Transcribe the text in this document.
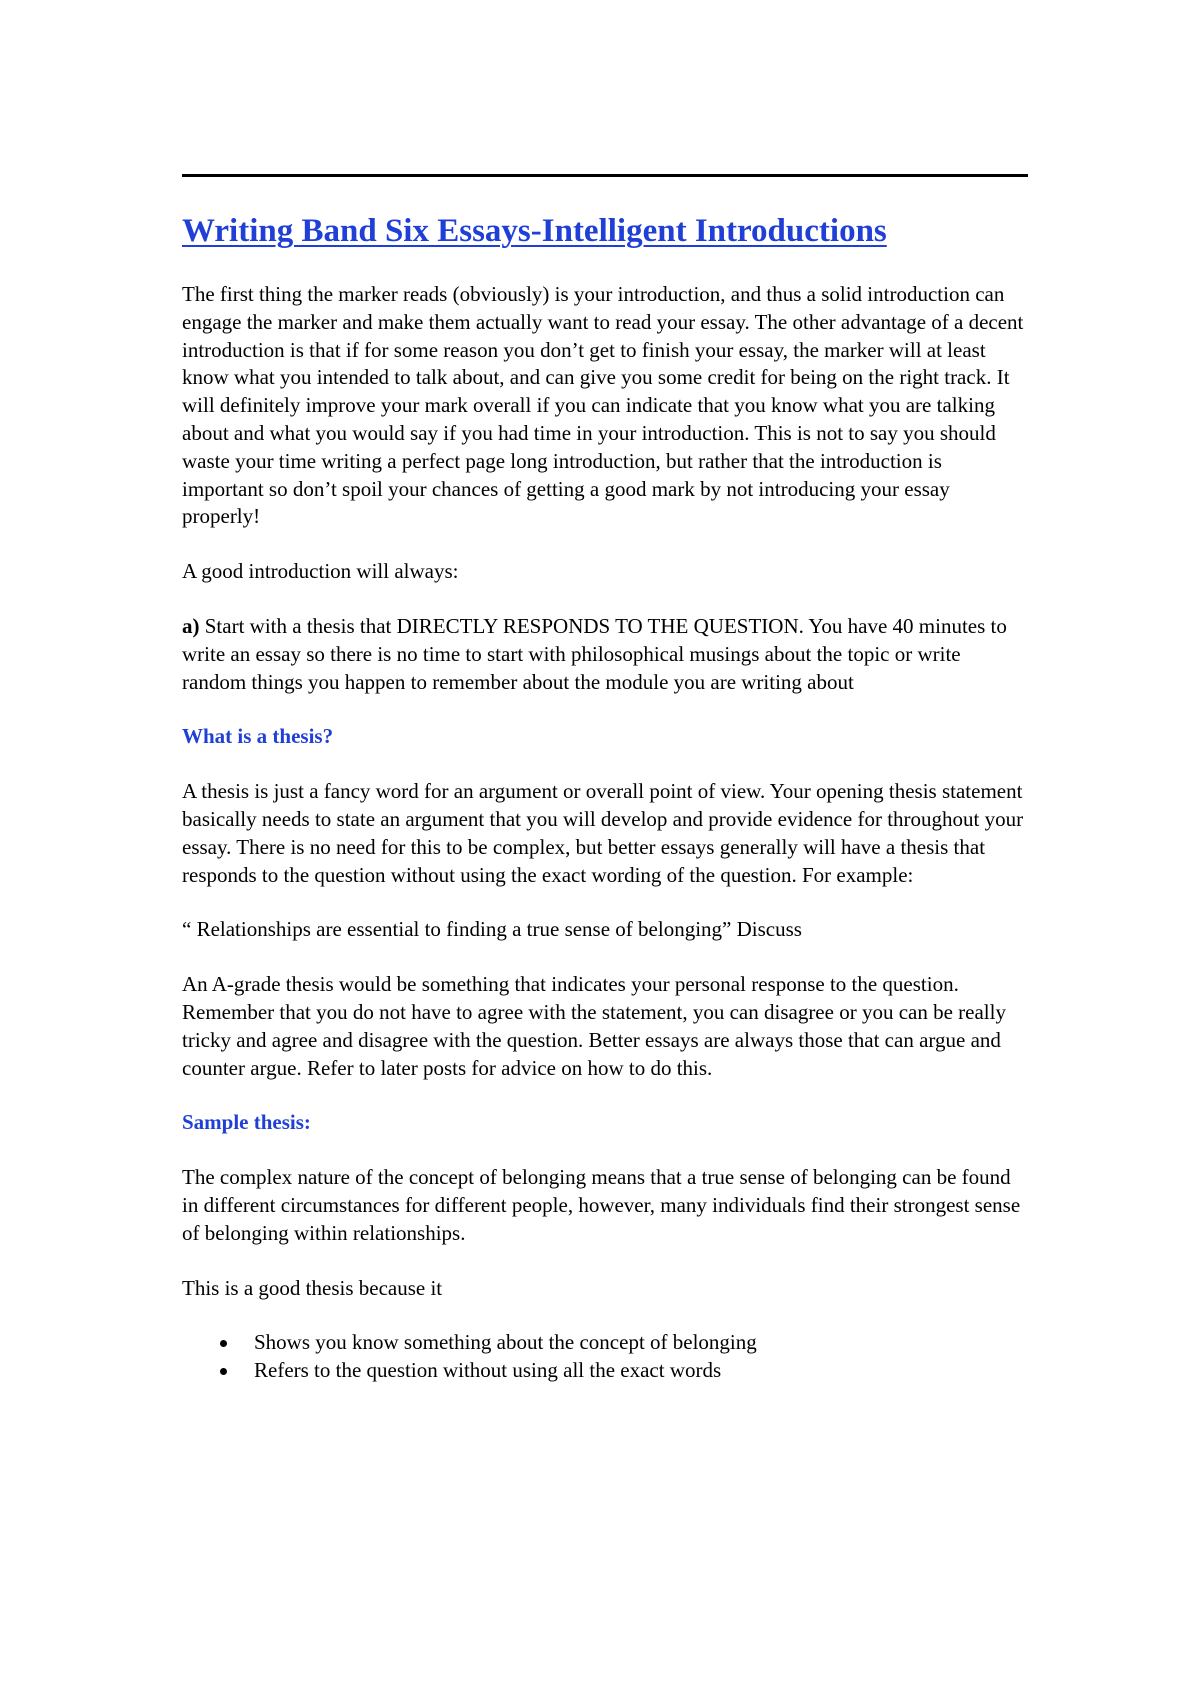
Writing Band Six Essays-Intelligent Introductions

The first thing the marker reads (obviously) is your introduction, and thus a solid introduction can engage the marker and make them actually want to read your essay. The other advantage of a decent introduction is that if for some reason you don’t get to finish your essay, the marker will at least know what you intended to talk about, and can give you some credit for being on the right track. It will definitely improve your mark overall if you can indicate that you know what you are talking about and what you would say if you had time in your introduction. This is not to say you should waste your time writing a perfect page long introduction, but rather that the introduction is important so don’t spoil your chances of getting a good mark by not introducing your essay properly!

A good introduction will always:

a) Start with a thesis that DIRECTLY RESPONDS TO THE QUESTION. You have 40 minutes to write an essay so there is no time to start with philosophical musings about the topic or write random things you happen to remember about the module you are writing about

What is a thesis?

A thesis is just a fancy word for an argument or overall point of view. Your opening thesis statement basically needs to state an argument that you will develop and provide evidence for throughout your essay. There is no need for this to be complex, but better essays generally will have a thesis that responds to the question without using the exact wording of the question. For example:

“ Relationships are essential to finding a true sense of belonging” Discuss

An A-grade thesis would be something that indicates your personal response to the question. Remember that you do not have to agree with the statement, you can disagree or you can be really tricky and agree and disagree with the question. Better essays are always those that can argue and counter argue. Refer to later posts for advice on how to do this.

Sample thesis:

The complex nature of the concept of belonging means that a true sense of belonging can be found in different circumstances for different people, however, many individuals find their strongest sense of belonging within relationships.

This is a good thesis because it

Shows you know something about the concept of belonging
Refers to the question without using all the exact words
